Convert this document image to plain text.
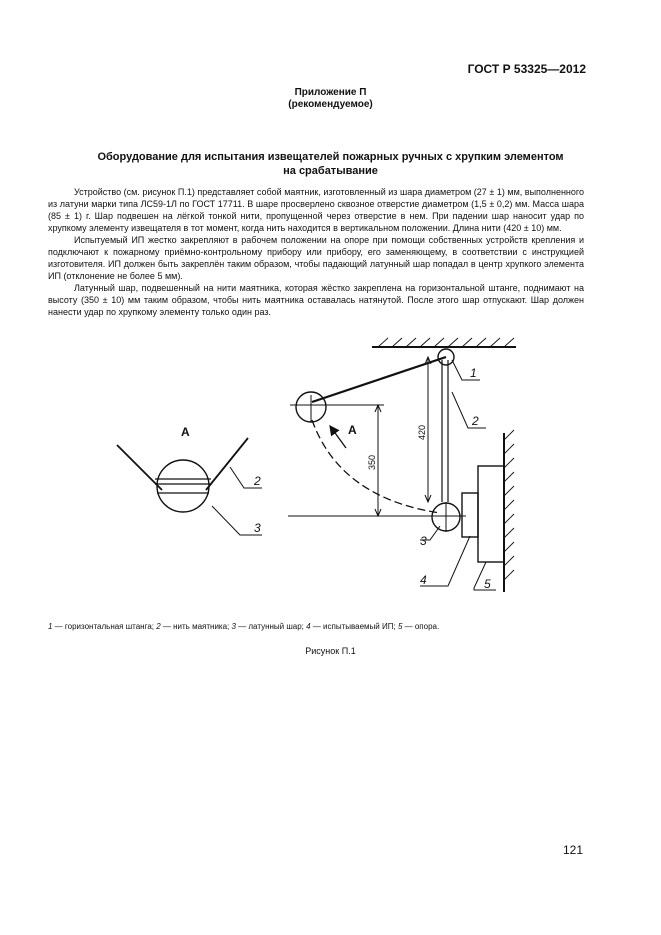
ГОСТ Р 53325—2012
Приложение П
(рекомендуемое)
Оборудование для испытания извещателей пожарных ручных с хрупким элементом
на срабатывание

Устройство (см. рисунок П.1) представляет собой маятник, изготовленный из шара диаметром (27 ± 1) мм, выполненного из латуни марки типа ЛС59-1Л по ГОСТ 17711. В шаре просверлено сквозное отверстие диаметром (1,5 ± 0,2) мм. Масса шара (85 ± 1) г. Шар подвешен на лёгкой тонкой нити, пропущенной через отверстие в нем. При падении шар наносит удар по хрупкому элементу извещателя в тот момент, когда нить находится в вертикальном положении. Длина нити (420 ± 10) мм.

Испытуемый ИП жестко закрепляют в рабочем положении на опоре при помощи собственных устройств крепления и подключают к пожарному приёмно-контрольному прибору или прибору, его заменяющему, в соответствии с инструкцией изготовителя. ИП должен быть закреплён таким образом, чтобы падающий латунный шар попадал в центр хрупкого элемента ИП (отклонение не более 5 мм).

Латунный шар, подвешенный на нити маятника, которая жёстко закреплена на горизонтальной штанге, поднимают на высоту (350 ± 10) мм таким образом, чтобы нить маятника оставалась натянутой. После этого шар отпускают. Шар должен нанести удар по хрупкому элементу только один раз.

А	А
350
420
1
2
3
4	5
2
3
1 — горизонтальная штанга; 2 — нить маятника; 3 — латунный шар; 4 — испытываемый ИП; 5 — опора.
Рисунок П.1
121
